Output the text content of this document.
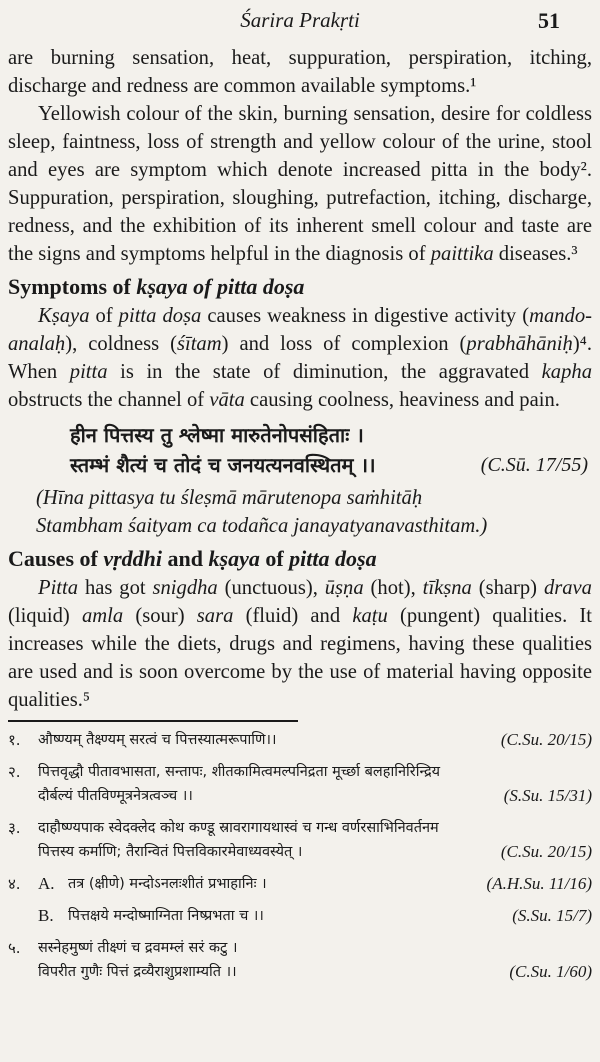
Śarira Prakṛti	51

are burning sensation, heat, suppuration, perspiration, itching, discharge and redness are common available symptoms.¹

Yellowish colour of the skin, burning sensation, desire for coldless sleep, faintness, loss of strength and yellow colour of the urine, stool and eyes are symptom which denote increased pitta in the body². Suppuration, perspiration, sloughing, putrefaction, itching, discharge, redness, and the exhibition of its inherent smell colour and taste are the signs and symptoms helpful in the diagnosis of paittika diseases.³

Symptoms of kṣaya of pitta doṣa

Kṣaya of pitta doṣa causes weakness in digestive activity (mando-analaḥ), coldness (śītam) and loss of complexion (prabhāhāniḥ)⁴. When pitta is in the state of diminution, the aggravated kapha obstructs the channel of vāta causing coolness, heaviness and pain.

हीन पित्तस्य तु श्लेष्मा मारुतेनोपसंहिताः ।
स्तम्भं शैत्यं च तोदं च जनयत्यनवस्थितम् ।।	(C.Sū. 17/55)
(Hīna pittasya tu śleṣmā mārutenopa saṁhitāḥ
Stambham śaityam ca todañca janayatyanavasthitam.)
Causes of vṛddhi and kṣaya of pitta doṣa

Pitta has got snigdha (unctuous), ūṣṇa (hot), tīkṣna (sharp) drava (liquid) amla (sour) sara (fluid) and kaṭu (pungent) qualities. It increases while the diets, drugs and regimens, having these qualities are used and is soon overcome by the use of material having opposite qualities.⁵

१.	औष्ण्यम् तैक्ष्ण्यम् सरत्वं च पित्तस्यात्मरूपाणि।।	(C.Su. 20/15)
२.	पित्तवृद्धौ पीतावभासता, सन्तापः, शीतकामित्वमल्पनिद्रता मूर्च्छा बलहानिरिन्द्रिय
दौर्बल्यं पीतविण्मूत्रनेत्रत्वञ्च ।।	(S.Su. 15/31)
३.	दाहौष्ण्यपाक स्वेदक्लेद कोथ कण्डू स्रावरागायथास्वं च गन्ध वर्णरसाभिनिवर्तनम
पित्तस्य कर्माणि; तैरान्वितं पित्तविकारमेवाध्यवस्येत् ।	(C.Su. 20/15)
४.	A. तत्र (क्षीणे) मन्दोऽनलःशीतं प्रभाहानिः ।	(A.H.Su. 11/16)
B. पित्तक्षये मन्दोष्माग्निता निष्प्रभता च ।।	(S.Su. 15/7)
५.	सस्नेहमुष्णं तीक्ष्णं च द्रवमम्लं सरं कटु ।
विपरीत गुणैः पित्तं द्रव्यैराशुप्रशाम्यति ।।	(C.Su. 1/60)
